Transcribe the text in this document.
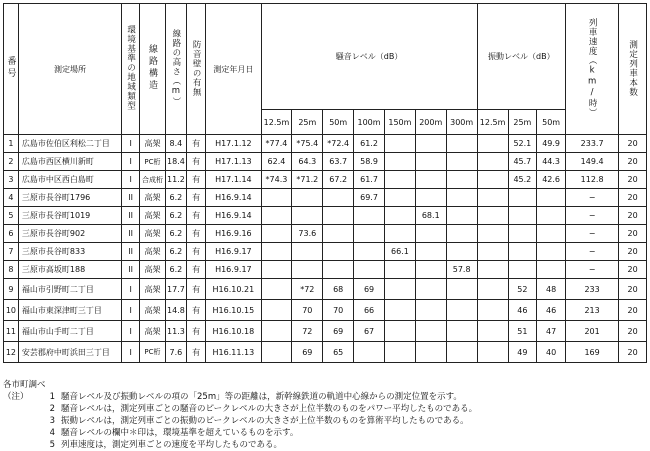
番号	測定場所	環境基準の地域類型	線路構造	線路の高さ（m）	防音壁の有無	測定年月日	騒音レベル（dB）							振動レベル（dB）			列車速度（km/時）	測定列車本数
							12.5m	25m	50m	100m	150m	200m	300m	12.5m	25m	50m		
1	広島市佐伯区利松二丁目	I	高架	8.4	有	H17.1.12	*77.4	*75.4	*72.4	61.2					52.1	49.9	233.7	20
2	広島市西区横川新町	I	PC桁	18.4	有	H17.1.13	62.4	64.3	63.7	58.9					45.7	44.3	149.4	20
3	広島市中区西白島町	I	合成桁	11.2	有	H17.1.14	*74.3	*71.2	67.2	61.7					45.2	42.6	112.8	20
4	三原市長谷町1796	II	高架	6.2	有	H16.9.14				69.7							−	20
5	三原市長谷町1019	II	高架	6.2	有	H16.9.14						68.1					−	20
6	三原市長谷町902	II	高架	6.2	有	H16.9.16		73.6									−	20
7	三原市長谷町833	II	高架	6.2	有	H16.9.17					66.1						−	20
8	三原市高坂町188	II	高架	6.2	有	H16.9.17							57.8				−	20
9	福山市引野町二丁目	I	高架	17.7	有	H16.10.21		*72	68	69					52	48	233	20
10	福山市東深津町三丁目	I	高架	14.8	有	H16.10.15		70	70	66					46	46	213	20
11	福山市山手町二丁目	I	高架	11.3	有	H16.10.18		72	69	67					51	47	201	20
12	安芸郡府中町浜田三丁目	I	PC桁	7.6	有	H16.11.13		69	65						49	40	169	20
各市町調べ
（注）	1 騒音レベル及び振動レベルの項の「25m」等の距離は，新幹線鉄道の軌道中心線からの測定位置を示す。
2 騒音レベルは，測定列車ごとの騒音のピークレベルの大きさが上位半数のものをパワー平均したものである。
3 振動レベルは，測定列車ごとの振動のピークレベルの大きさが上位半数のものを算術平均したものである。
4 騒音レベルの欄中＊印は，環境基準を超えているものを示す。
5 列車速度は，測定列車ごとの速度を平均したものである。
